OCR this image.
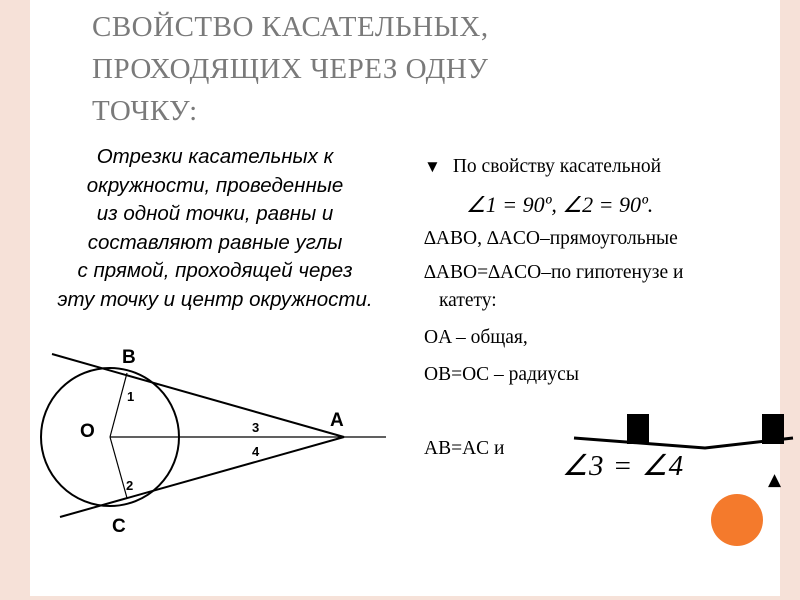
СВОЙСТВО КАСАТЕЛЬНЫХ,
ПРОХОДЯЩИХ ЧЕРЕЗ ОДНУ
ТОЧКУ:
Отрезки касательных к
окружности, проведенные
из одной точки, равны и
составляют равные углы
с прямой, проходящей через
эту точку и центр окружности.
B
O
A
C
1
2
3
4
▼ По свойству касательной
∠1 = 90º, ∠2 = 90º.
∆ABO, ∆ACO–прямоугольные
∆ABO=∆ACO–по гипотенузе и
катету:
OA – общая,
OB=OC – радиусы
AB=AC и
∠3 = ∠4	▲
